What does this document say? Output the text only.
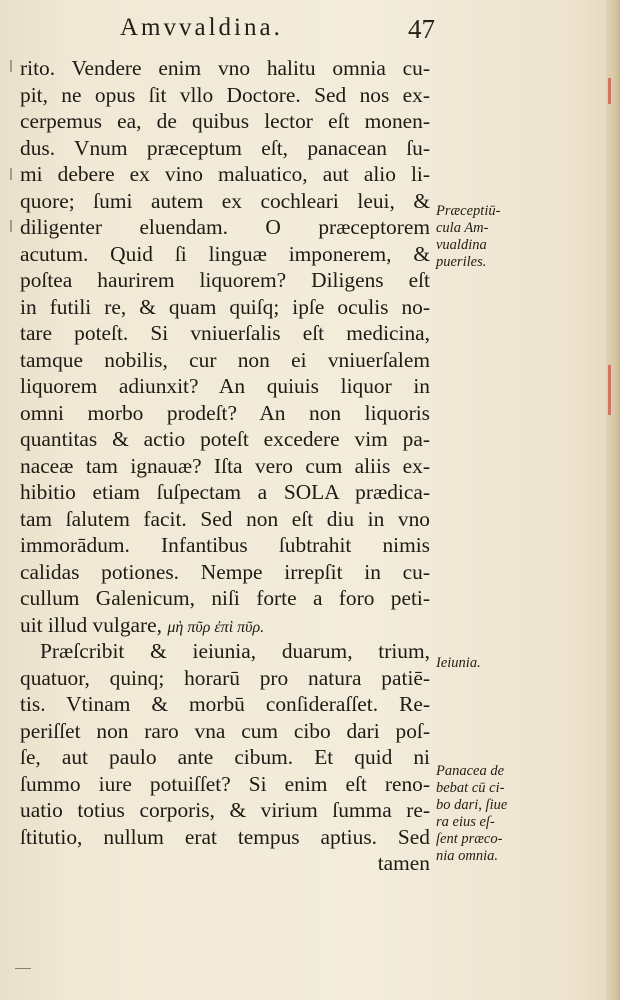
Amvvaldina.	47
rito. Vendere enim vno halitu omnia cu-
pit, ne opus ſit vllo Doctore. Sed nos ex-
cerpemus ea, de quibus lector eſt monen-
dus. Vnum præceptum eſt, panacean ſu-
mi debere ex vino maluatico, aut alio li-
quore; ſumi autem ex cochleari leui, &
diligenter eluendam. O præceptorem
acutum. Quid ſi linguæ imponerem, &
poſtea haurirem liquorem? Diligens eſt
in futili re, & quam quiſq; ipſe oculis no-
tare poteſt. Si vniuerſalis eſt medicina,
tamque nobilis, cur non ei vniuerſalem
liquorem adiunxit? An quiuis liquor in
omni morbo prodeſt? An non liquoris
quantitas & actio poteſt excedere vim pa-
naceæ tam ignauæ? Iſta vero cum aliis ex-
hibitio etiam ſuſpectam a SOLA prædica-
tam ſalutem facit. Sed non eſt diu in vno
immorādum. Infantibus ſubtrahit nimis
calidas potiones. Nempe irrepſit in cu-
cullum Galenicum, niſi forte a foro peti-
uit illud vulgare, μὴ πῦρ ἐπὶ πῦρ.
Præſcribit & ieiunia, duarum, trium,
quatuor, quinq; horarū pro natura patiē-
tis. Vtinam & morbū conſideraſſet. Re-
periſſet non raro vna cum cibo dari poſ-
ſe, aut paulo ante cibum. Et quid ni
ſummo iure potuiſſet? Si enim eſt reno-
uatio totius corporis, & virium ſumma re-
ſtitutio, nullum erat tempus aptius. Sed
tamen
Præceptiū-
cula Am-
vualdina
pueriles.
Ieiunia.
Panacea de
bebat cū ci-
bo dari, ſiue
ra eius eſ-
ſent præco-
nia omnia.
